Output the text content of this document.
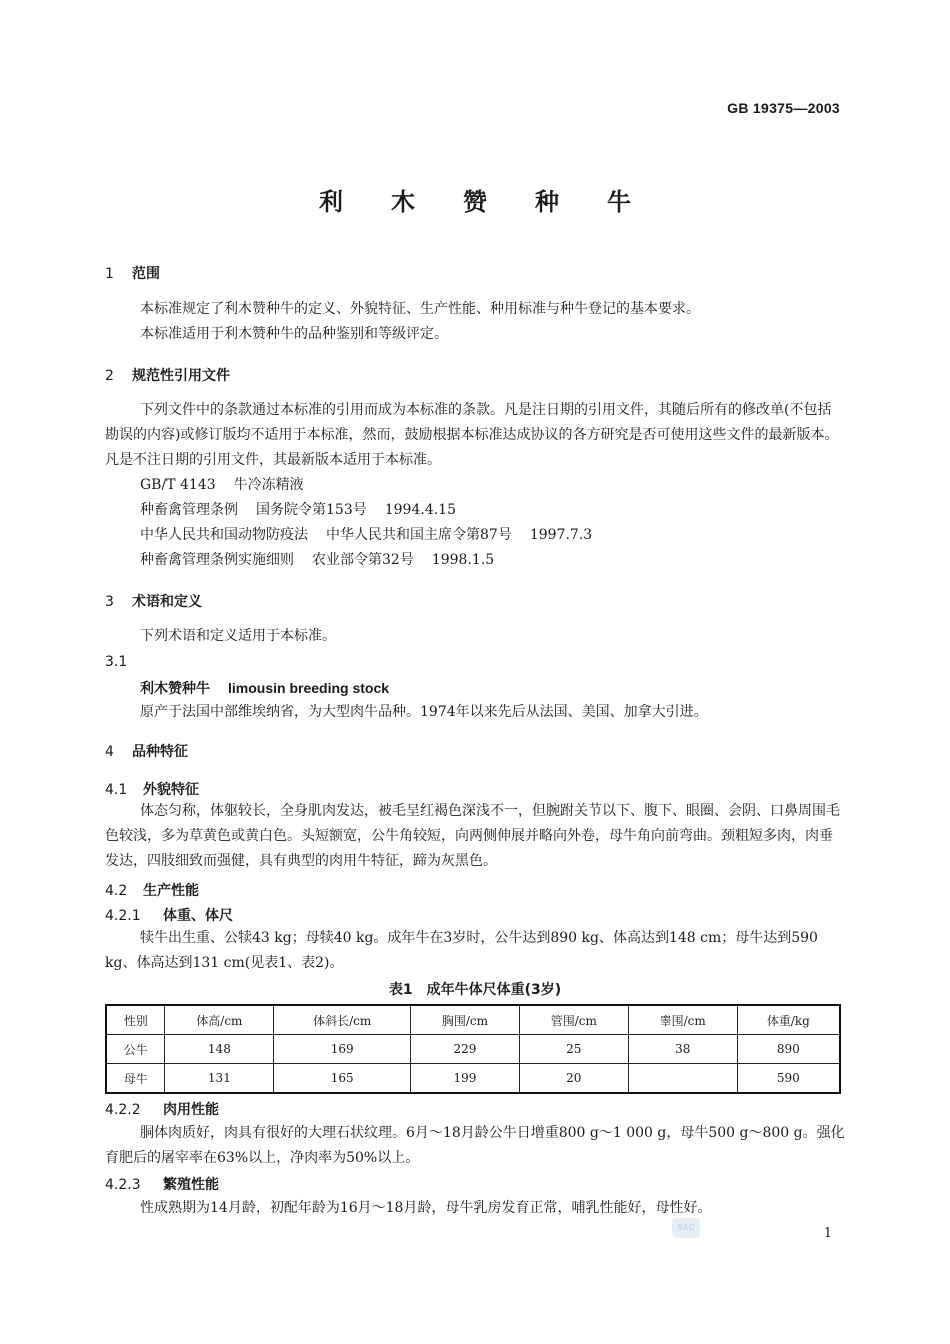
GB 19375—2003
利木赞种牛
1 范围
本标准规定了利木赞种牛的定义、外貌特征、生产性能、种用标准与种牛登记的基本要求。
本标准适用于利木赞种牛的品种鉴别和等级评定。
2 规范性引用文件
下列文件中的条款通过本标准的引用而成为本标准的条款。凡是注日期的引用文件，其随后所有的修改单(不包括勘误的内容)或修订版均不适用于本标准，然而，鼓励根据本标准达成协议的各方研究是否可使用这些文件的最新版本。凡是不注日期的引用文件，其最新版本适用于本标准。
GB/T 4143 牛冷冻精液
种畜禽管理条例 国务院令第153号 1994.4.15
中华人民共和国动物防疫法 中华人民共和国主席令第87号 1997.7.3
种畜禽管理条例实施细则 农业部令第32号 1998.1.5
3 术语和定义
下列术语和定义适用于本标准。
3.1
利木赞种牛 limousin breeding stock
原产于法国中部维埃纳省，为大型肉牛品种。1974年以来先后从法国、美国、加拿大引进。
4 品种特征
4.1 外貌特征
体态匀称，体躯较长，全身肌肉发达，被毛呈红褐色深浅不一，但腕跗关节以下、腹下、眼圈、会阴、口鼻周围毛色较浅，多为草黄色或黄白色。头短额宽，公牛角较短，向两侧伸展并略向外卷，母牛角向前弯曲。颈粗短多肉，肉垂发达，四肢细致而强健，具有典型的肉用牛特征，蹄为灰黑色。
4.2 生产性能
4.2.1 体重、体尺
犊牛出生重、公犊43 kg；母犊40 kg。成年牛在3岁时，公牛达到890 kg、体高达到148 cm；母牛达到590 kg、体高达到131 cm(见表1、表2)。
表1　成年牛体尺体重(3岁)
性别	体高/cm	体斜长/cm	胸围/cm	管围/cm	睾围/cm	体重/kg
公牛	148	169	229	25	38	890
母牛	131	165	199	20		590
4.2.2 肉用性能
胴体肉质好，肉具有很好的大理石状纹理。6月～18月龄公牛日增重800 g～1 000 g，母牛500 g～800 g。强化育肥后的屠宰率在63%以上，净肉率为50%以上。
4.2.3 繁殖性能
性成熟期为14月龄，初配年龄为16月～18月龄，母牛乳房发育正常，哺乳性能好，母性好。
SAC	1
